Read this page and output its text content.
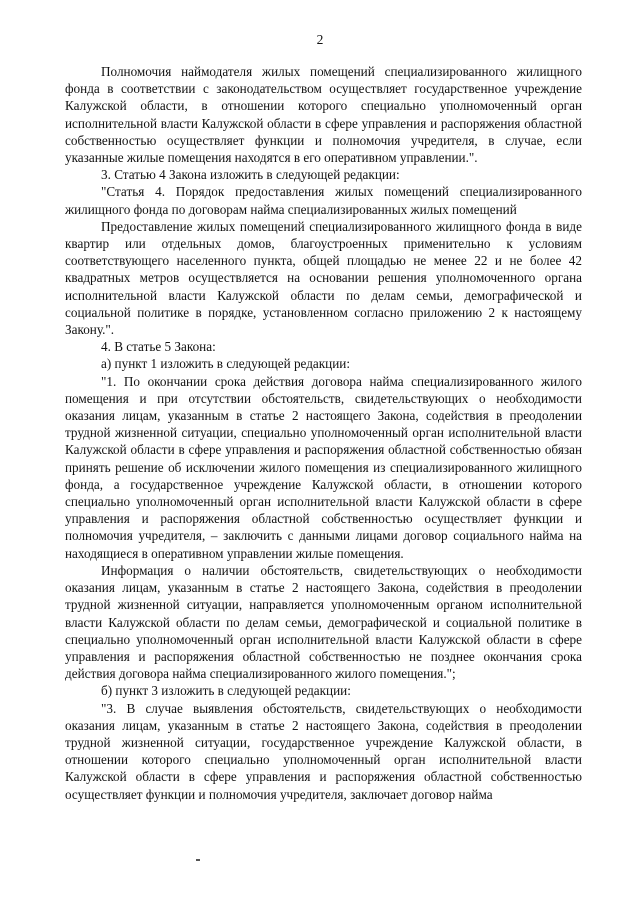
2

Полномочия наймодателя жилых помещений специализированного жилищного фонда в соответствии с законодательством осуществляет государственное учреждение Калужской области, в отношении которого специально уполномоченный орган исполнительной власти Калужской области в сфере управления и распоряжения областной собственностью осуществляет функции и полномочия учредителя, в случае, если указанные жилые помещения находятся в его оперативном управлении.".

3. Статью 4 Закона изложить в следующей редакции:

"Статья 4. Порядок предоставления жилых помещений специализированного жилищного фонда по договорам найма специализированных жилых помещений

Предоставление жилых помещений специализированного жилищного фонда в виде квартир или отдельных домов, благоустроенных применительно к условиям соответствующего населенного пункта, общей площадью не менее 22 и не более 42 квадратных метров осуществляется на основании решения уполномоченного органа исполнительной власти Калужской области по делам семьи, демографической и социальной политике в порядке, установленном согласно приложению 2 к настоящему Закону.".

4. В статье 5 Закона:

а) пункт 1 изложить в следующей редакции:

"1. По окончании срока действия договора найма специализированного жилого помещения и при отсутствии обстоятельств, свидетельствующих о необходимости оказания лицам, указанным в статье 2 настоящего Закона, содействия в преодолении трудной жизненной ситуации, специально уполномоченный орган исполнительной власти Калужской области в сфере управления и распоряжения областной собственностью обязан принять решение об исключении жилого помещения из специализированного жилищного фонда, а государственное учреждение Калужской области, в отношении которого специально уполномоченный орган исполнительной власти Калужской области в сфере управления и распоряжения областной собственностью осуществляет функции и полномочия учредителя, – заключить с данными лицами договор социального найма на находящиеся в оперативном управлении жилые помещения.

Информация о наличии обстоятельств, свидетельствующих о необходимости оказания лицам, указанным в статье 2 настоящего Закона, содействия в преодолении трудной жизненной ситуации, направляется уполномоченным органом исполнительной власти Калужской области по делам семьи, демографической и социальной политике в специально уполномоченный орган исполнительной власти Калужской области в сфере управления и распоряжения областной собственностью не позднее окончания срока действия договора найма специализированного жилого помещения.";

б) пункт 3 изложить в следующей редакции:

"3. В случае выявления обстоятельств, свидетельствующих о необходимости оказания лицам, указанным в статье 2 настоящего Закона, содействия в преодолении трудной жизненной ситуации, государственное учреждение Калужской области, в отношении которого специально уполномоченный орган исполнительной власти Калужской области в сфере управления и распоряжения областной собственностью осуществляет функции и полномочия учредителя, заключает договор найма
